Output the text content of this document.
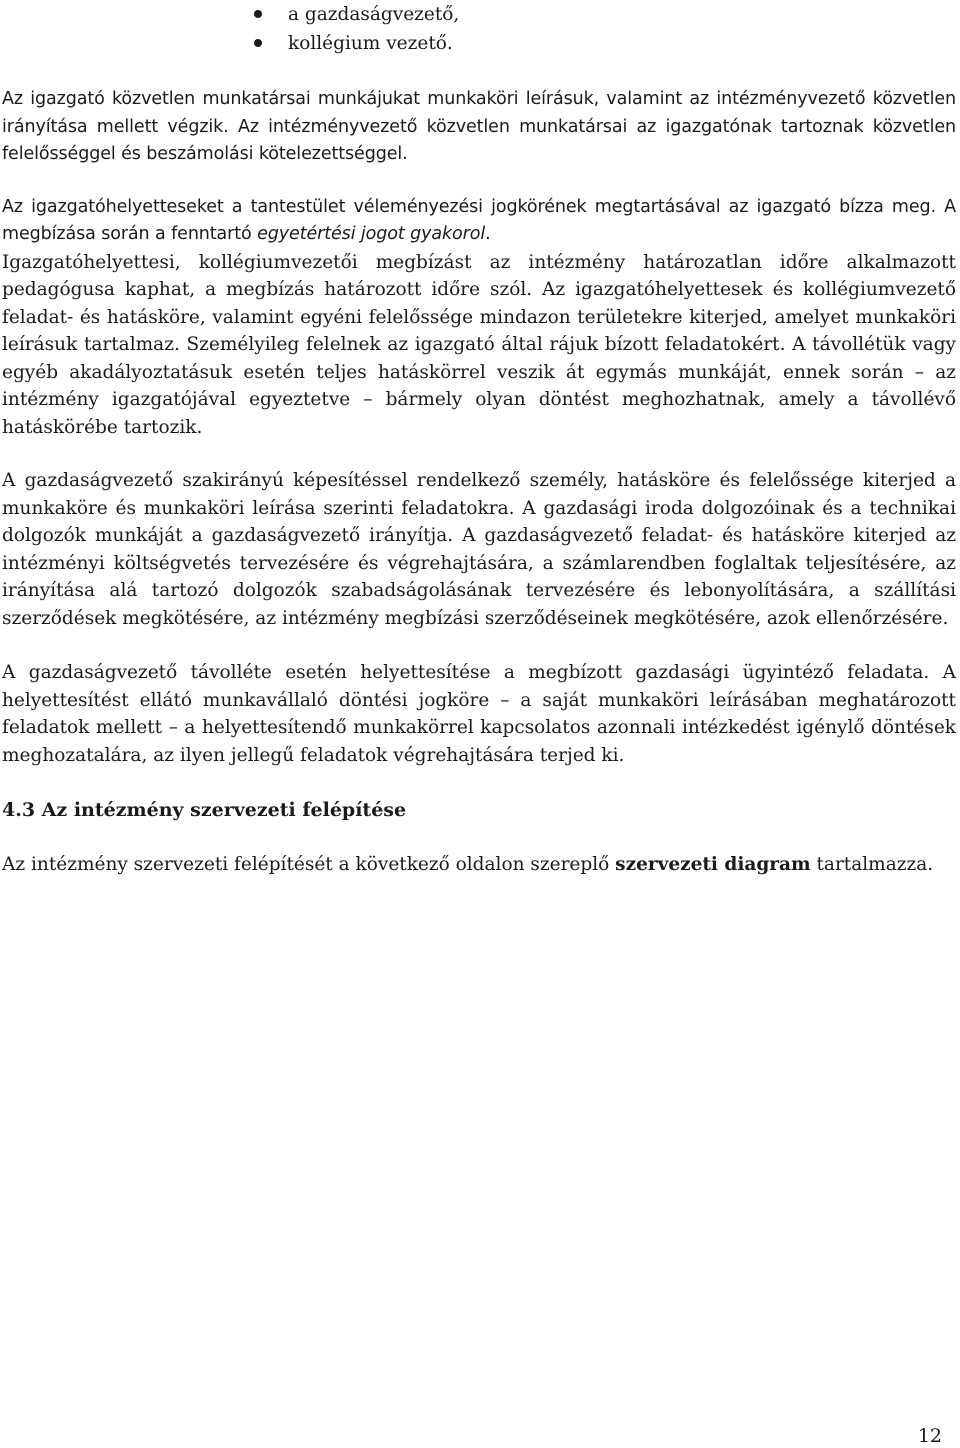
a gazdaságvezető,
kollégium vezető.

Az igazgató közvetlen munkatársai munkájukat munkaköri leírásuk, valamint az intézményvezető közvetlen irányítása mellett végzik. Az intézményvezető közvetlen munkatársai az igazgatónak tartoznak közvetlen felelősséggel és beszámolási kötelezettséggel.

Az igazgatóhelyetteseket a tantestület véleményezési jogkörének megtartásával az igazgató bízza meg. A megbízása során a fenntartó egyetértési jogot gyakorol.

Igazgatóhelyettesi, kollégiumvezetői megbízást az intézmény határozatlan időre alkalmazott pedagógusa kaphat, a megbízás határozott időre szól. Az igazgatóhelyettesek és kollégiumvezető feladat- és hatásköre, valamint egyéni felelőssége mindazon területekre kiterjed, amelyet munkaköri leírásuk tartalmaz. Személyileg felelnek az igazgató által rájuk bízott feladatokért. A távollétük vagy egyéb akadályoztatásuk esetén teljes hatáskörrel veszik át egymás munkáját, ennek során – az intézmény igazgatójával egyeztetve – bármely olyan döntést meghozhatnak, amely a távollévő hatáskörébe tartozik.

A gazdaságvezető szakirányú képesítéssel rendelkező személy, hatásköre és felelőssége kiterjed a munkaköre és munkaköri leírása szerinti feladatokra. A gazdasági iroda dolgozóinak és a technikai dolgozók munkáját a gazdaságvezető irányítja. A gazdaságvezető feladat- és hatásköre kiterjed az intézményi költségvetés tervezésére és végrehajtására, a számlarendben foglaltak teljesítésére, az irányítása alá tartozó dolgozók szabadságolásának tervezésére és lebonyolítására, a szállítási szerződések megkötésére, az intézmény megbízási szerződéseinek megkötésére, azok ellenőrzésére.

A gazdaságvezető távolléte esetén helyettesítése a megbízott gazdasági ügyintéző feladata. A helyettesítést ellátó munkavállaló döntési jogköre – a saját munkaköri leírásában meghatározott feladatok mellett – a helyettesítendő munkakörrel kapcsolatos azonnali intézkedést igénylő döntések meghozatalára, az ilyen jellegű feladatok végrehajtására terjed ki.

4.3 Az intézmény szervezeti felépítése

Az intézmény szervezeti felépítését a következő oldalon szereplő szervezeti diagram tartalmazza.

12
